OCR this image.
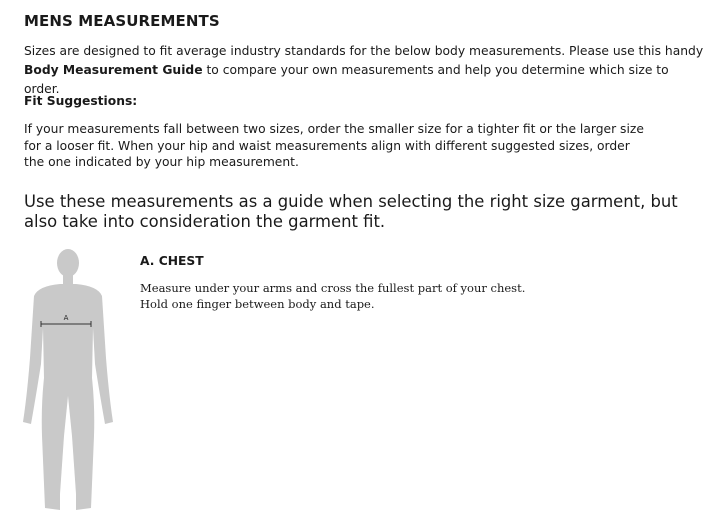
MENS MEASUREMENTS
Sizes are designed to fit average industry standards for the below body measurements. Please use this handy Body Measurement Guide to compare your own measurements and help you determine which size to order.
Fit Suggestions:
If your measurements fall between two sizes, order the smaller size for a tighter fit or the larger size for a looser fit. When your hip and waist measurements align with different suggested sizes, order the one indicated by your hip measurement.
Use these measurements as a guide when selecting the right size garment, but also take into consideration the garment fit.
A
A. CHEST
Measure under your arms and cross the fullest part of your chest.
Hold one finger between body and tape.
